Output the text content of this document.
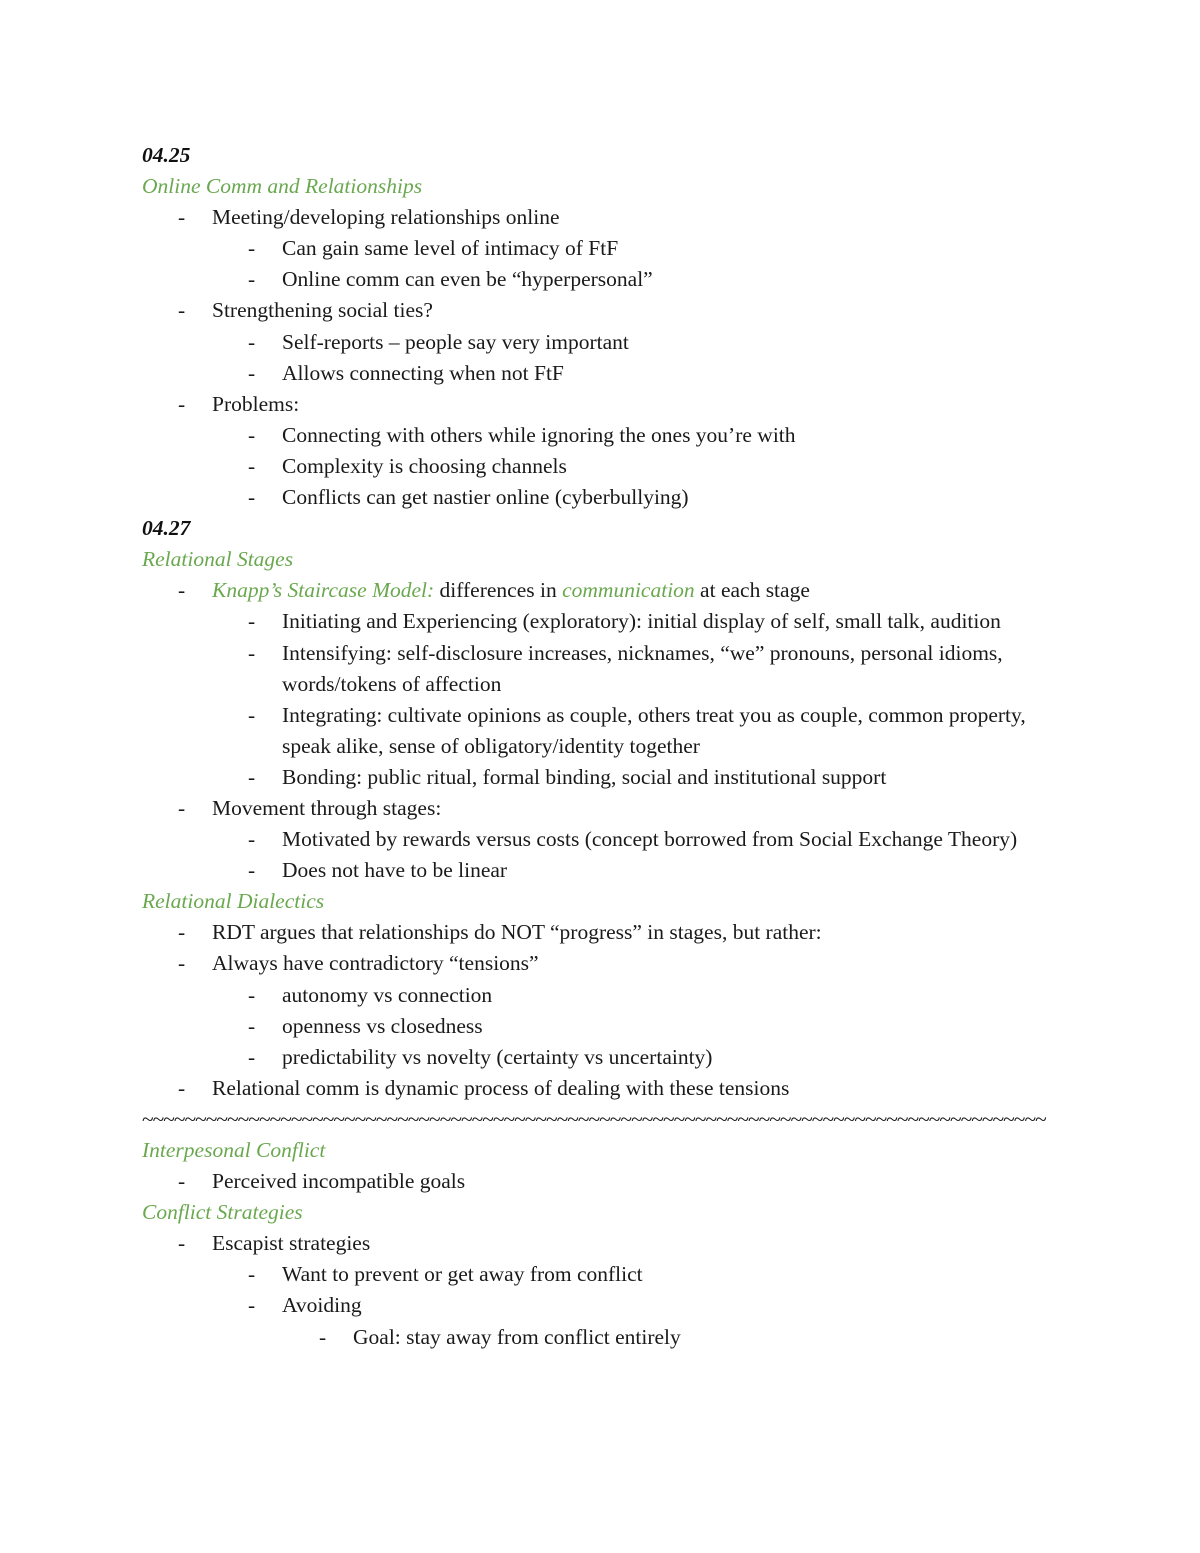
04.25
Online Comm and Relationships
-	Meeting/developing relationships online
-	Can gain same level of intimacy of FtF
-	Online comm can even be “hyperpersonal”
-	Strengthening social ties?
-	Self-reports – people say very important
-	Allows connecting when not FtF
-	Problems:
-	Connecting with others while ignoring the ones you’re with
-	Complexity is choosing channels
-	Conflicts can get nastier online (cyberbullying)
04.27
Relational Stages
-	Knapp’s Staircase Model: differences in communication at each stage
-	Initiating and Experiencing (exploratory): initial display of self, small talk, audition
-	Intensifying: self-disclosure increases, nicknames, “we” pronouns, personal idioms, words/tokens of affection
-	Integrating: cultivate opinions as couple, others treat you as couple, common property, speak alike, sense of obligatory/identity together
-	Bonding: public ritual, formal binding, social and institutional support
-	Movement through stages:
-	Motivated by rewards versus costs (concept borrowed from Social Exchange Theory)
-	Does not have to be linear
Relational Dialectics
-	RDT argues that relationships do NOT “progress” in stages, but rather:
-	Always have contradictory “tensions”
-	autonomy vs connection
-	openness vs closedness
-	predictability vs novelty (certainty vs uncertainty)
-	Relational comm is dynamic process of dealing with these tensions
~~~~~~~~~~~~~~~~~~~~~~~~~~~~~~~~~~~~~~~~~~~~~~~~~~~~~~~~~~~~~~~~~~~~~~~~~~~~~~~~~~~~~
Interpesonal Conflict
-	Perceived incompatible goals
Conflict Strategies
-	Escapist strategies
-	Want to prevent or get away from conflict
-	Avoiding
-	Goal: stay away from conflict entirely
